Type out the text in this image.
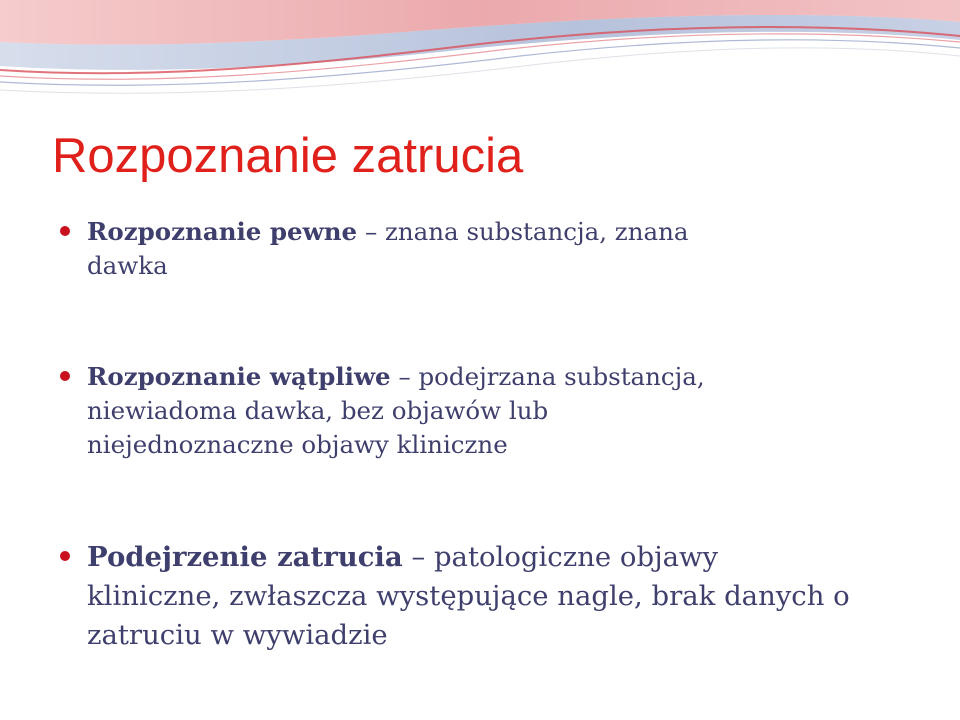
Rozpoznanie zatrucia
Rozpoznanie pewne – znana substancja, znana
dawka
Rozpoznanie wątpliwe – podejrzana substancja,
niewiadoma dawka, bez objawów lub
niejednoznaczne objawy kliniczne
Podejrzenie zatrucia – patologiczne objawy
kliniczne, zwłaszcza występujące nagle, brak danych o
zatruciu w wywiadzie
